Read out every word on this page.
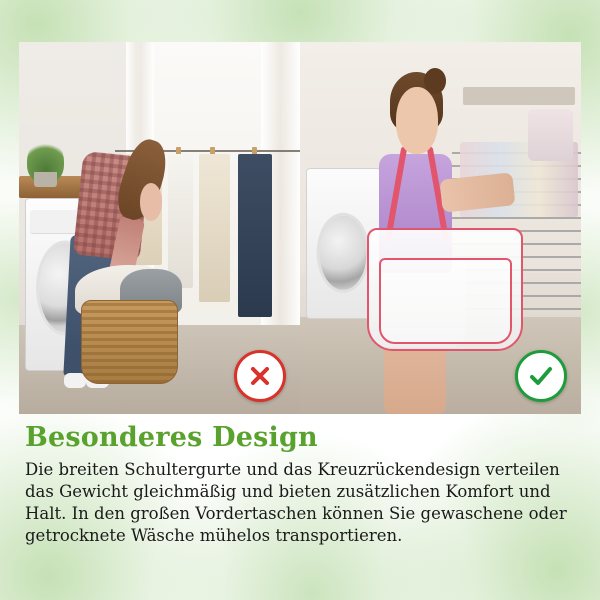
Besonderes Design

Die breiten Schultergurte und das Kreuzrückendesign verteilen das Gewicht gleichmäßig und bieten zusätzlichen Komfort und Halt. In den großen Vordertaschen können Sie gewaschene oder getrocknete Wäsche mühelos transportieren.
